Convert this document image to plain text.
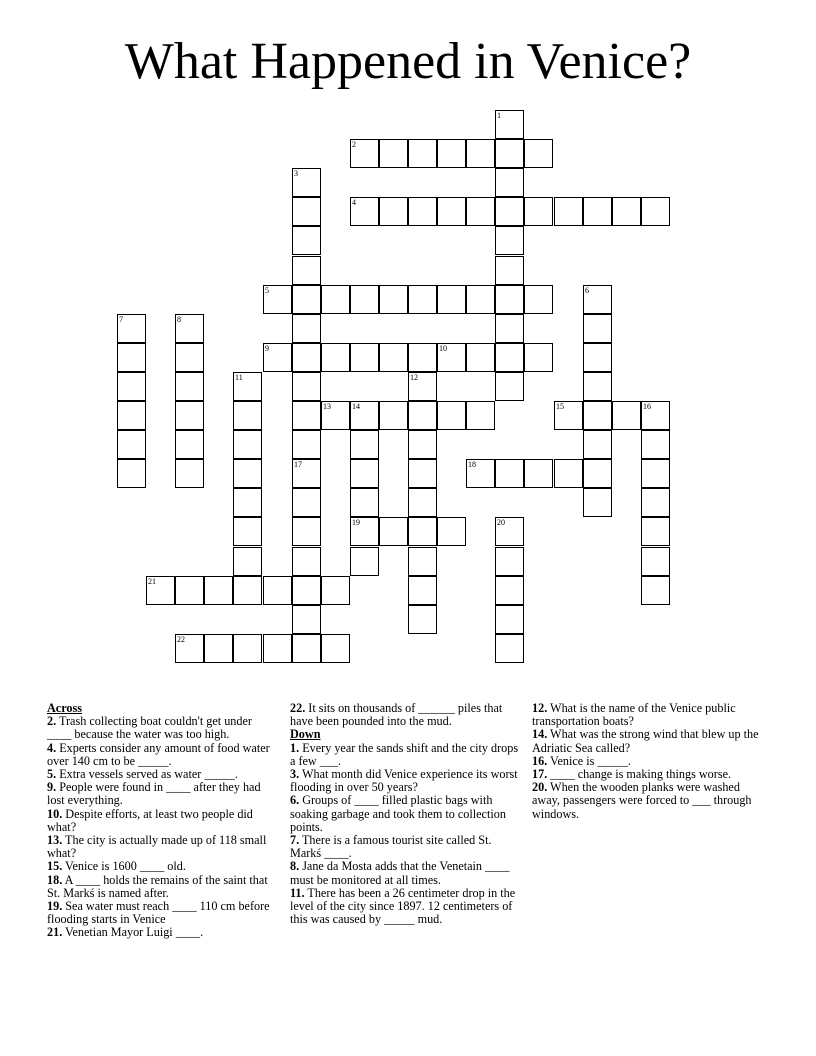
What Happened in Venice?
1
2
3
4
5	6
7	8
9	10
11	12
13	14	15	16
17	18
19	20
21
22
Across
2. Trash collecting boat couldn't get under ____ because the water was too high.
4. Experts consider any amount of food water over 140 cm to be _____.
5. Extra vessels served as water _____.
9. People were found in ____ after they had lost everything.
10. Despite efforts, at least two people did what?
13. The city is actually made up of 118 small what?
15. Venice is 1600 ____ old.
18. A ____ holds the remains of the saint that St. Markś is named after.
19. Sea water must reach ____ 110 cm before flooding starts in Venice
21. Venetian Mayor Luigi ____.
22. It sits on thousands of ______ piles that have been pounded into the mud.
Down
1. Every year the sands shift and the city drops a few ___.
3. What month did Venice experience its worst flooding in over 50 years?
6. Groups of ____ filled plastic bags with soaking garbage and took them to collection points.
7. There is a famous tourist site called St. Markś ____.
8. Jane da Mosta adds that the Venetain ____ must be monitored at all times.
11. There has been a 26 centimeter drop in the level of the city since 1897. 12 centimeters of this was caused by _____ mud.
12. What is the name of the Venice public transportation boats?
14. What was the strong wind that blew up the Adriatic Sea called?
16. Venice is _____.
17. ____ change is making things worse.
20. When the wooden planks were washed away, passengers were forced to ___ through windows.
